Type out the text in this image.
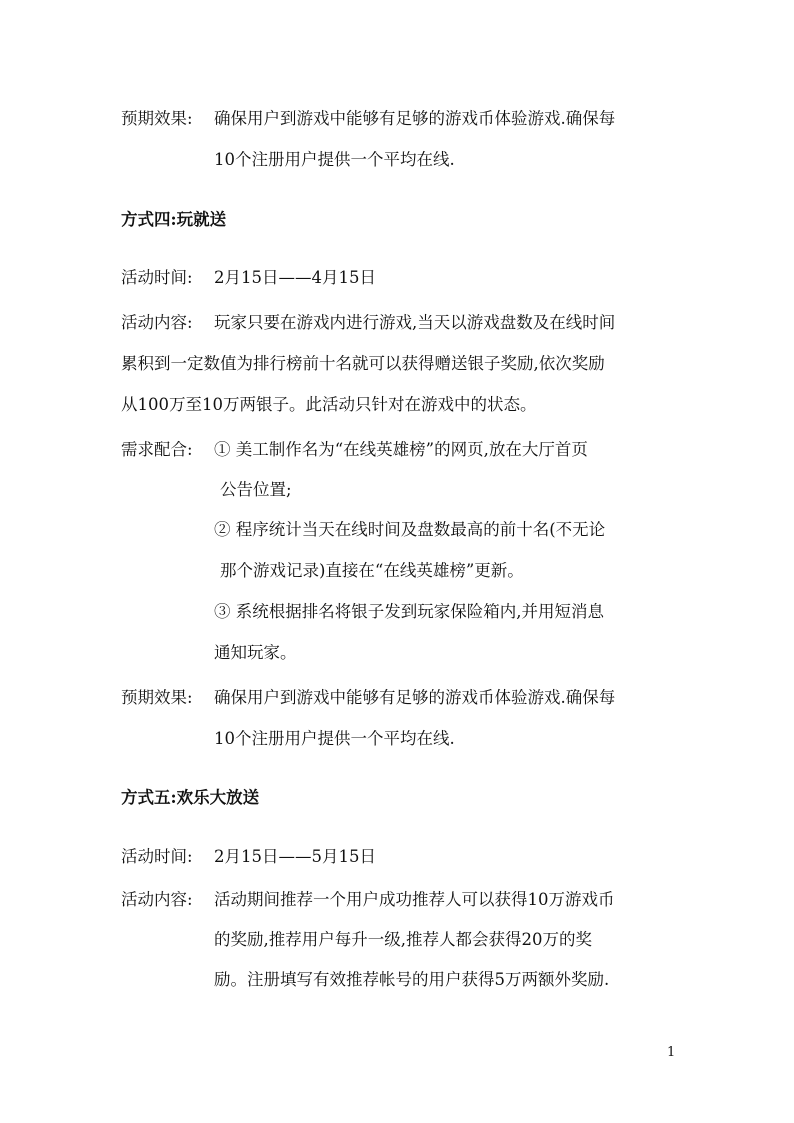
预期效果: 确保用户到游戏中能够有足够的游戏币体验游戏.确保每
10个注册用户提供一个平均在线.
方式四:玩就送
活动时间: 2月15日——4月15日
活动内容: 玩家只要在游戏内进行游戏,当天以游戏盘数及在线时间
累积到一定数值为排行榜前十名就可以获得赠送银子奖励,依次奖励
从100万至10万两银子。此活动只针对在游戏中的状态。
需求配合: ① 美工制作名为“在线英雄榜”的网页,放在大厅首页
公告位置;
② 程序统计当天在线时间及盘数最高的前十名(不无论
那个游戏记录)直接在“在线英雄榜”更新。
③ 系统根据排名将银子发到玩家保险箱内,并用短消息
通知玩家。
预期效果: 确保用户到游戏中能够有足够的游戏币体验游戏.确保每
10个注册用户提供一个平均在线.
方式五:欢乐大放送
活动时间: 2月15日——5月15日
活动内容: 活动期间推荐一个用户成功推荐人可以获得10万游戏币
的奖励,推荐用户每升一级,推荐人都会获得20万的奖
励。注册填写有效推荐帐号的用户获得5万两额外奖励.
1
